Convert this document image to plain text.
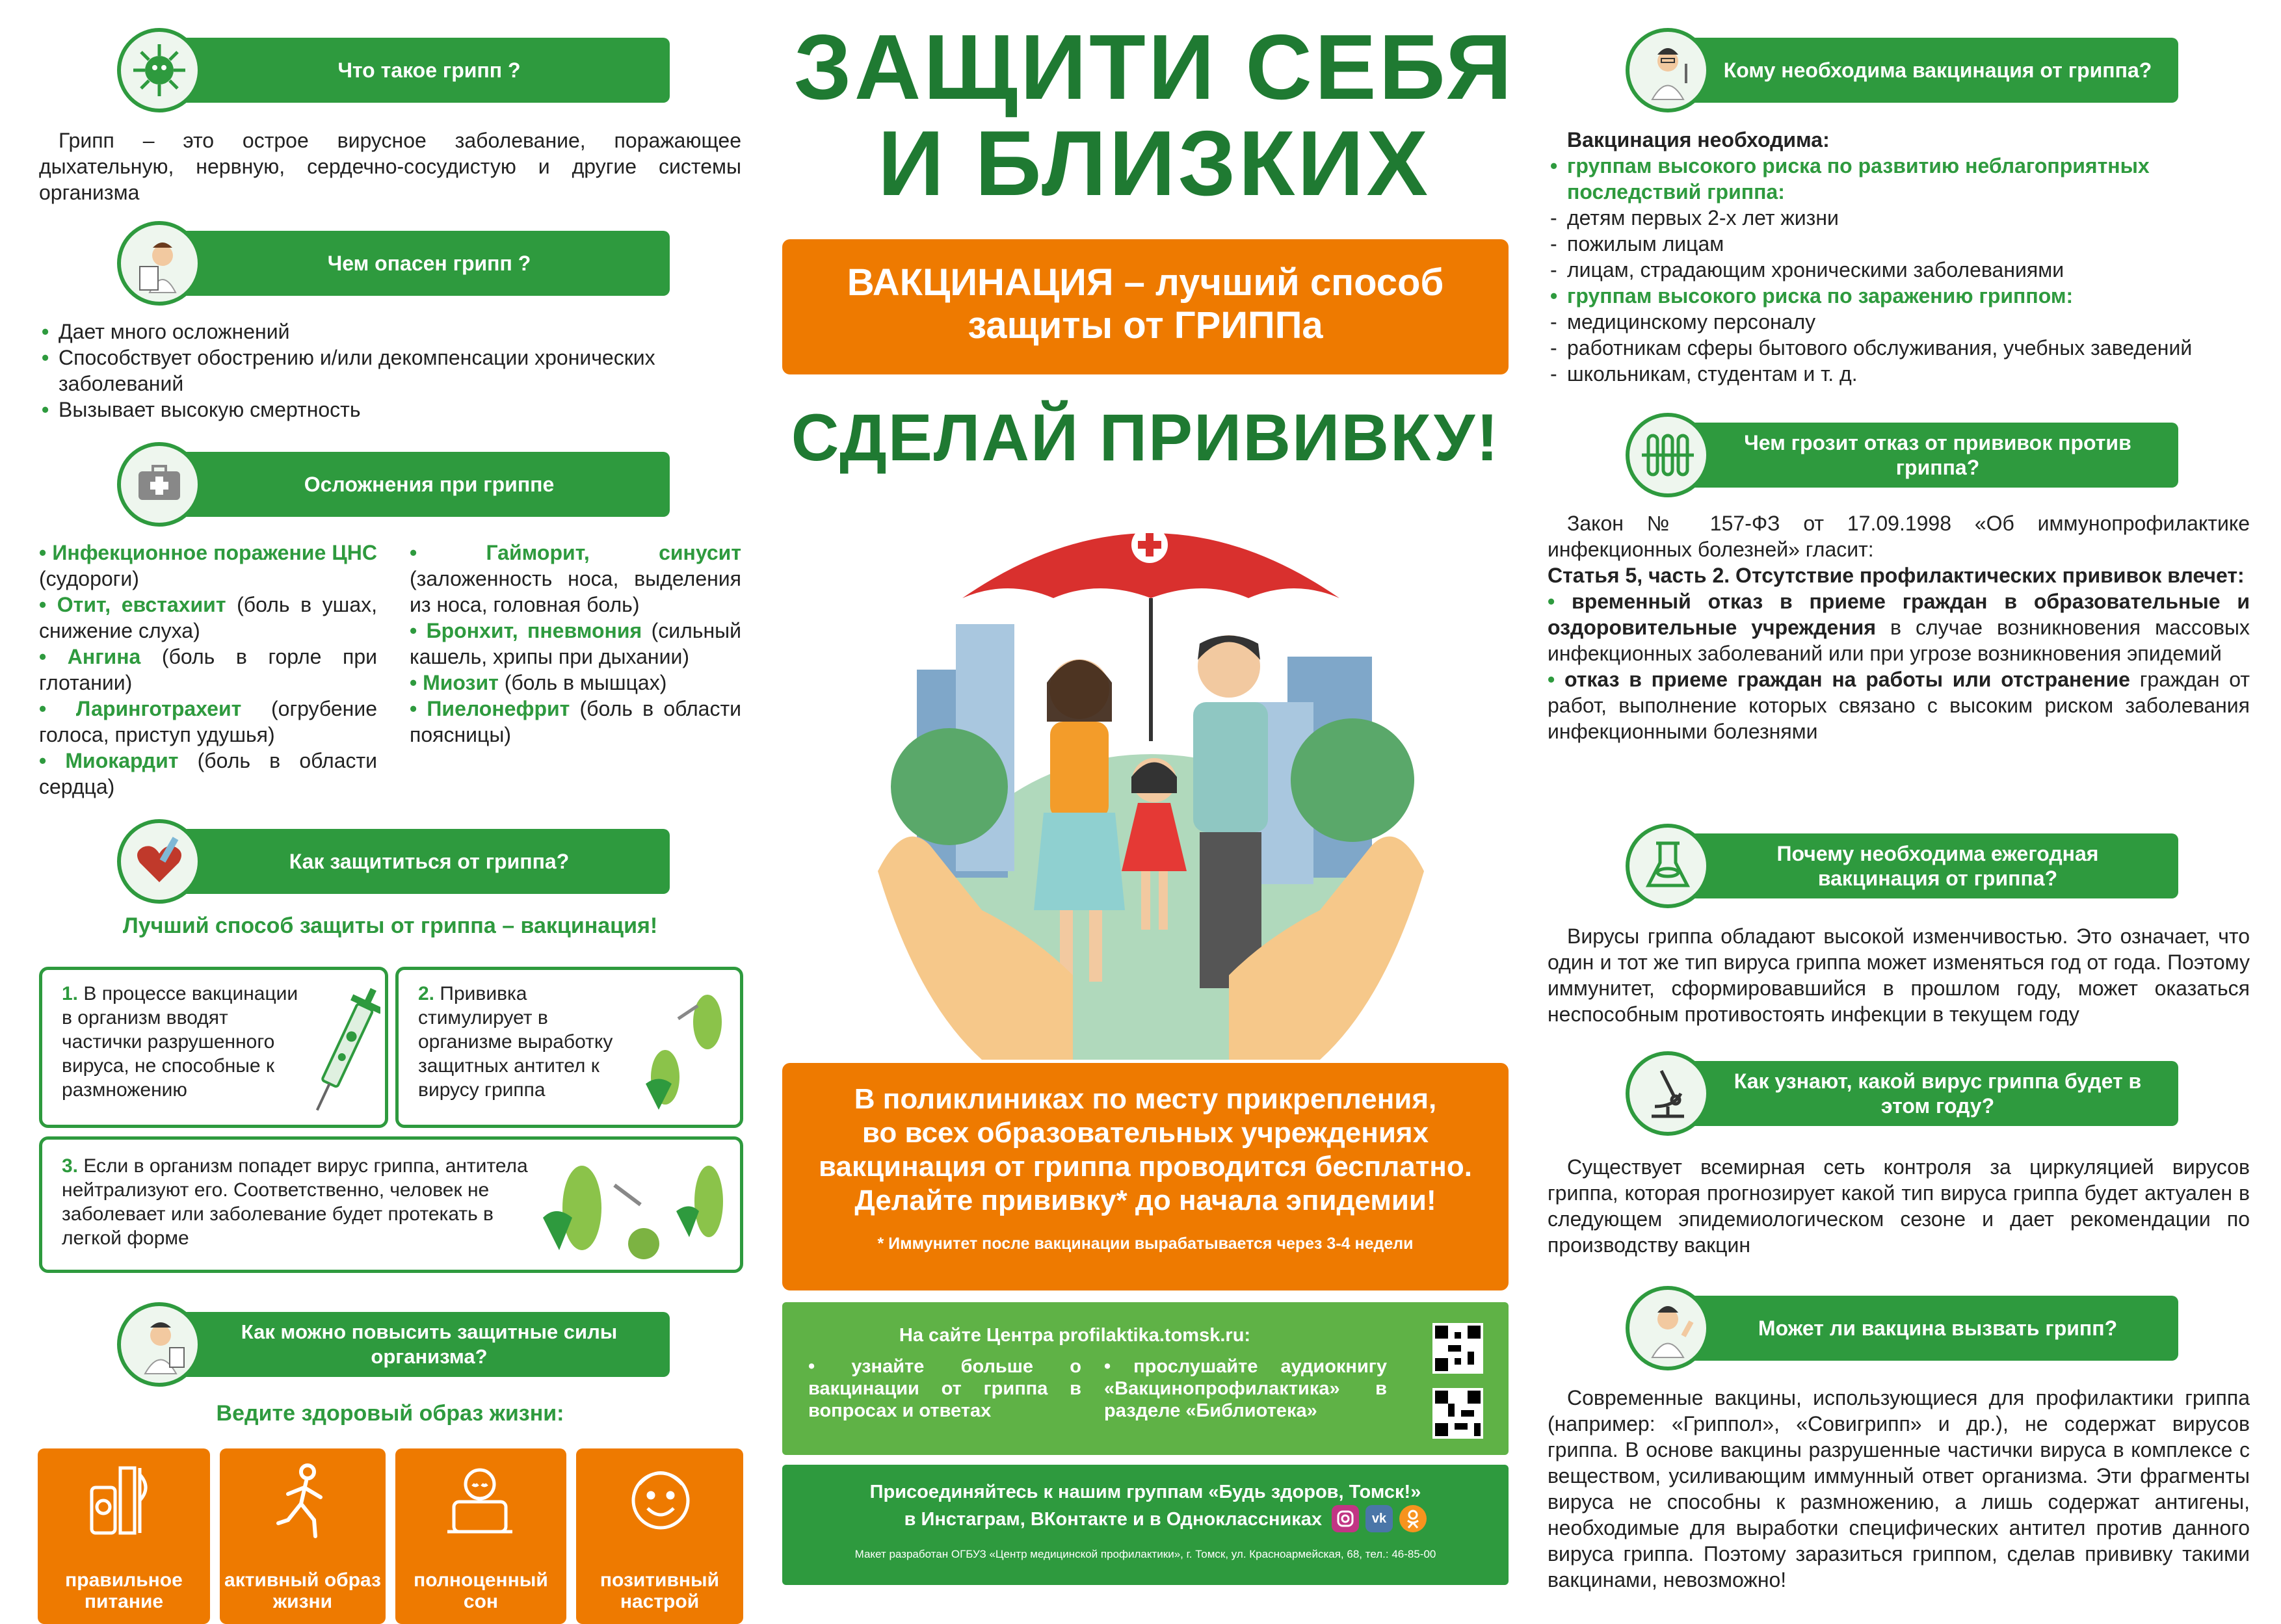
Что такое грипп ?

Грипп – это острое вирусное заболевание, поражающее дыхательную, нервную, сердечно-сосудистую и другие системы организма

Чем опасен грипп ?
• Дает много осложнений
• Способствует обострению и/или декомпенсации хронических заболеваний
• Вызывает высокую смертность
Осложнения при гриппе
• Инфекционное поражение ЦНС (судороги)
• Отит, евстахиит (боль в ушах, снижение слуха)
• Ангина (боль в горле при глотании)
• Ларинготрахеит (огрубение голоса, приступ удушья)
• Миокардит (боль в области сердца)
• Гайморит, синусит (заложенность носа, выделения из носа, головная боль)
• Бронхит, пневмония (сильный кашель, хрипы при дыхании)
• Миозит (боль в мышцах)
• Пиелонефрит (боль в области поясницы)
Как защититься от гриппа?
Лучший способ защиты от гриппа – вакцинация!
1. В процессе вакцинации в организм вводят частички разрушенного вируса, не способные к размножению
2. Прививка стимулирует в организме выработку защитных антител к вирусу гриппа
3. Если в организм попадет вирус гриппа, антитела нейтрализуют его. Соответственно, человек не заболевает или заболевание будет протекать в легкой форме
Как можно повысить защитные силы организма?
Ведите здоровый образ жизни:
правильное питание
активный образ жизни
полноценный сон
позитивный настрой
ЗАЩИТИ СЕБЯ
И БЛИЗКИХ
ВАКЦИНАЦИЯ – лучший способ
защиты от ГРИППа
СДЕЛАЙ ПРИВИВКУ!
В поликлиниках по месту прикрепления,
во всех образовательных учреждениях
вакцинация от гриппа проводится бесплатно.
Делайте прививку* до начала эпидемии!
* Иммунитет после вакцинации вырабатывается через 3-4 недели
На сайте Центра profilaktika.tomsk.ru:
• узнайте больше о вакцинации от гриппа в вопросах и ответах
• прослушайте аудиокнигу «Вакцинопрофилактика» в разделе «Библиотека»
Присоединяйтесь к нашим группам «Будь здоров, Томск!»
в Инстаграм, ВКонтакте и в Одноклассниках	vk
Макет разработан ОГБУЗ «Центр медицинской профилактики», г. Томск, ул. Красноармейская, 68, тел.: 46-85-00
Кому необходима вакцинация от гриппа?
Вакцинация необходима:
• группам высокого риска по развитию неблагоприятных последствий гриппа:
- детям первых 2-х лет жизни
- пожилым лицам
- лицам, страдающим хроническими заболеваниями
• группам высокого риска по заражению гриппом:
- медицинскому персоналу
- работникам сферы бытового обслуживания, учебных заведений
- школьникам, студентам и т. д.
Чем грозит отказ от прививок против гриппа?

Закон № 157-ФЗ от 17.09.1998 «Об иммунопрофилактике инфекционных болезней» гласит:

Статья 5, часть 2. Отсутствие профилактических прививок влечет:

• временный отказ в приеме граждан в образовательные и оздоровительные учреждения в случае возникновения массовых инфекционных заболеваний или при угрозе возникновения эпидемий
• отказ в приеме граждан на работы или отстранение граждан от работ, выполнение которых связано с высоким риском заболевания инфекционными болезнями
Почему необходима ежегодная вакцинация от гриппа?

Вирусы гриппа обладают высокой изменчивостью. Это означает, что один и тот же тип вируса гриппа может изменяться год от года. Поэтому иммунитет, сформировавшийся в прошлом году, может оказаться неспособным противостоять инфекции в текущем году

Как узнают, какой вирус гриппа будет в этом году?

Существует всемирная сеть контроля за циркуляцией вирусов гриппа, которая прогнозирует какой тип вируса гриппа будет актуален в следующем эпидемиологическом сезоне и дает рекомендации по производству вакцин

Может ли вакцина вызвать грипп?

Современные вакцины, использующиеся для профилактики гриппа (например: «Гриппол», «Совигрипп» и др.), не содержат вирусов гриппа. В основе вакцины разрушенные частички вируса в комплексе с веществом, усиливающим иммунный ответ организма. Эти фрагменты вируса не способны к размножению, а лишь содержат антигены, необходимые для выработки специфических антител против данного вируса гриппа. Поэтому заразиться гриппом, сделав прививку такими вакцинами, невозможно!
